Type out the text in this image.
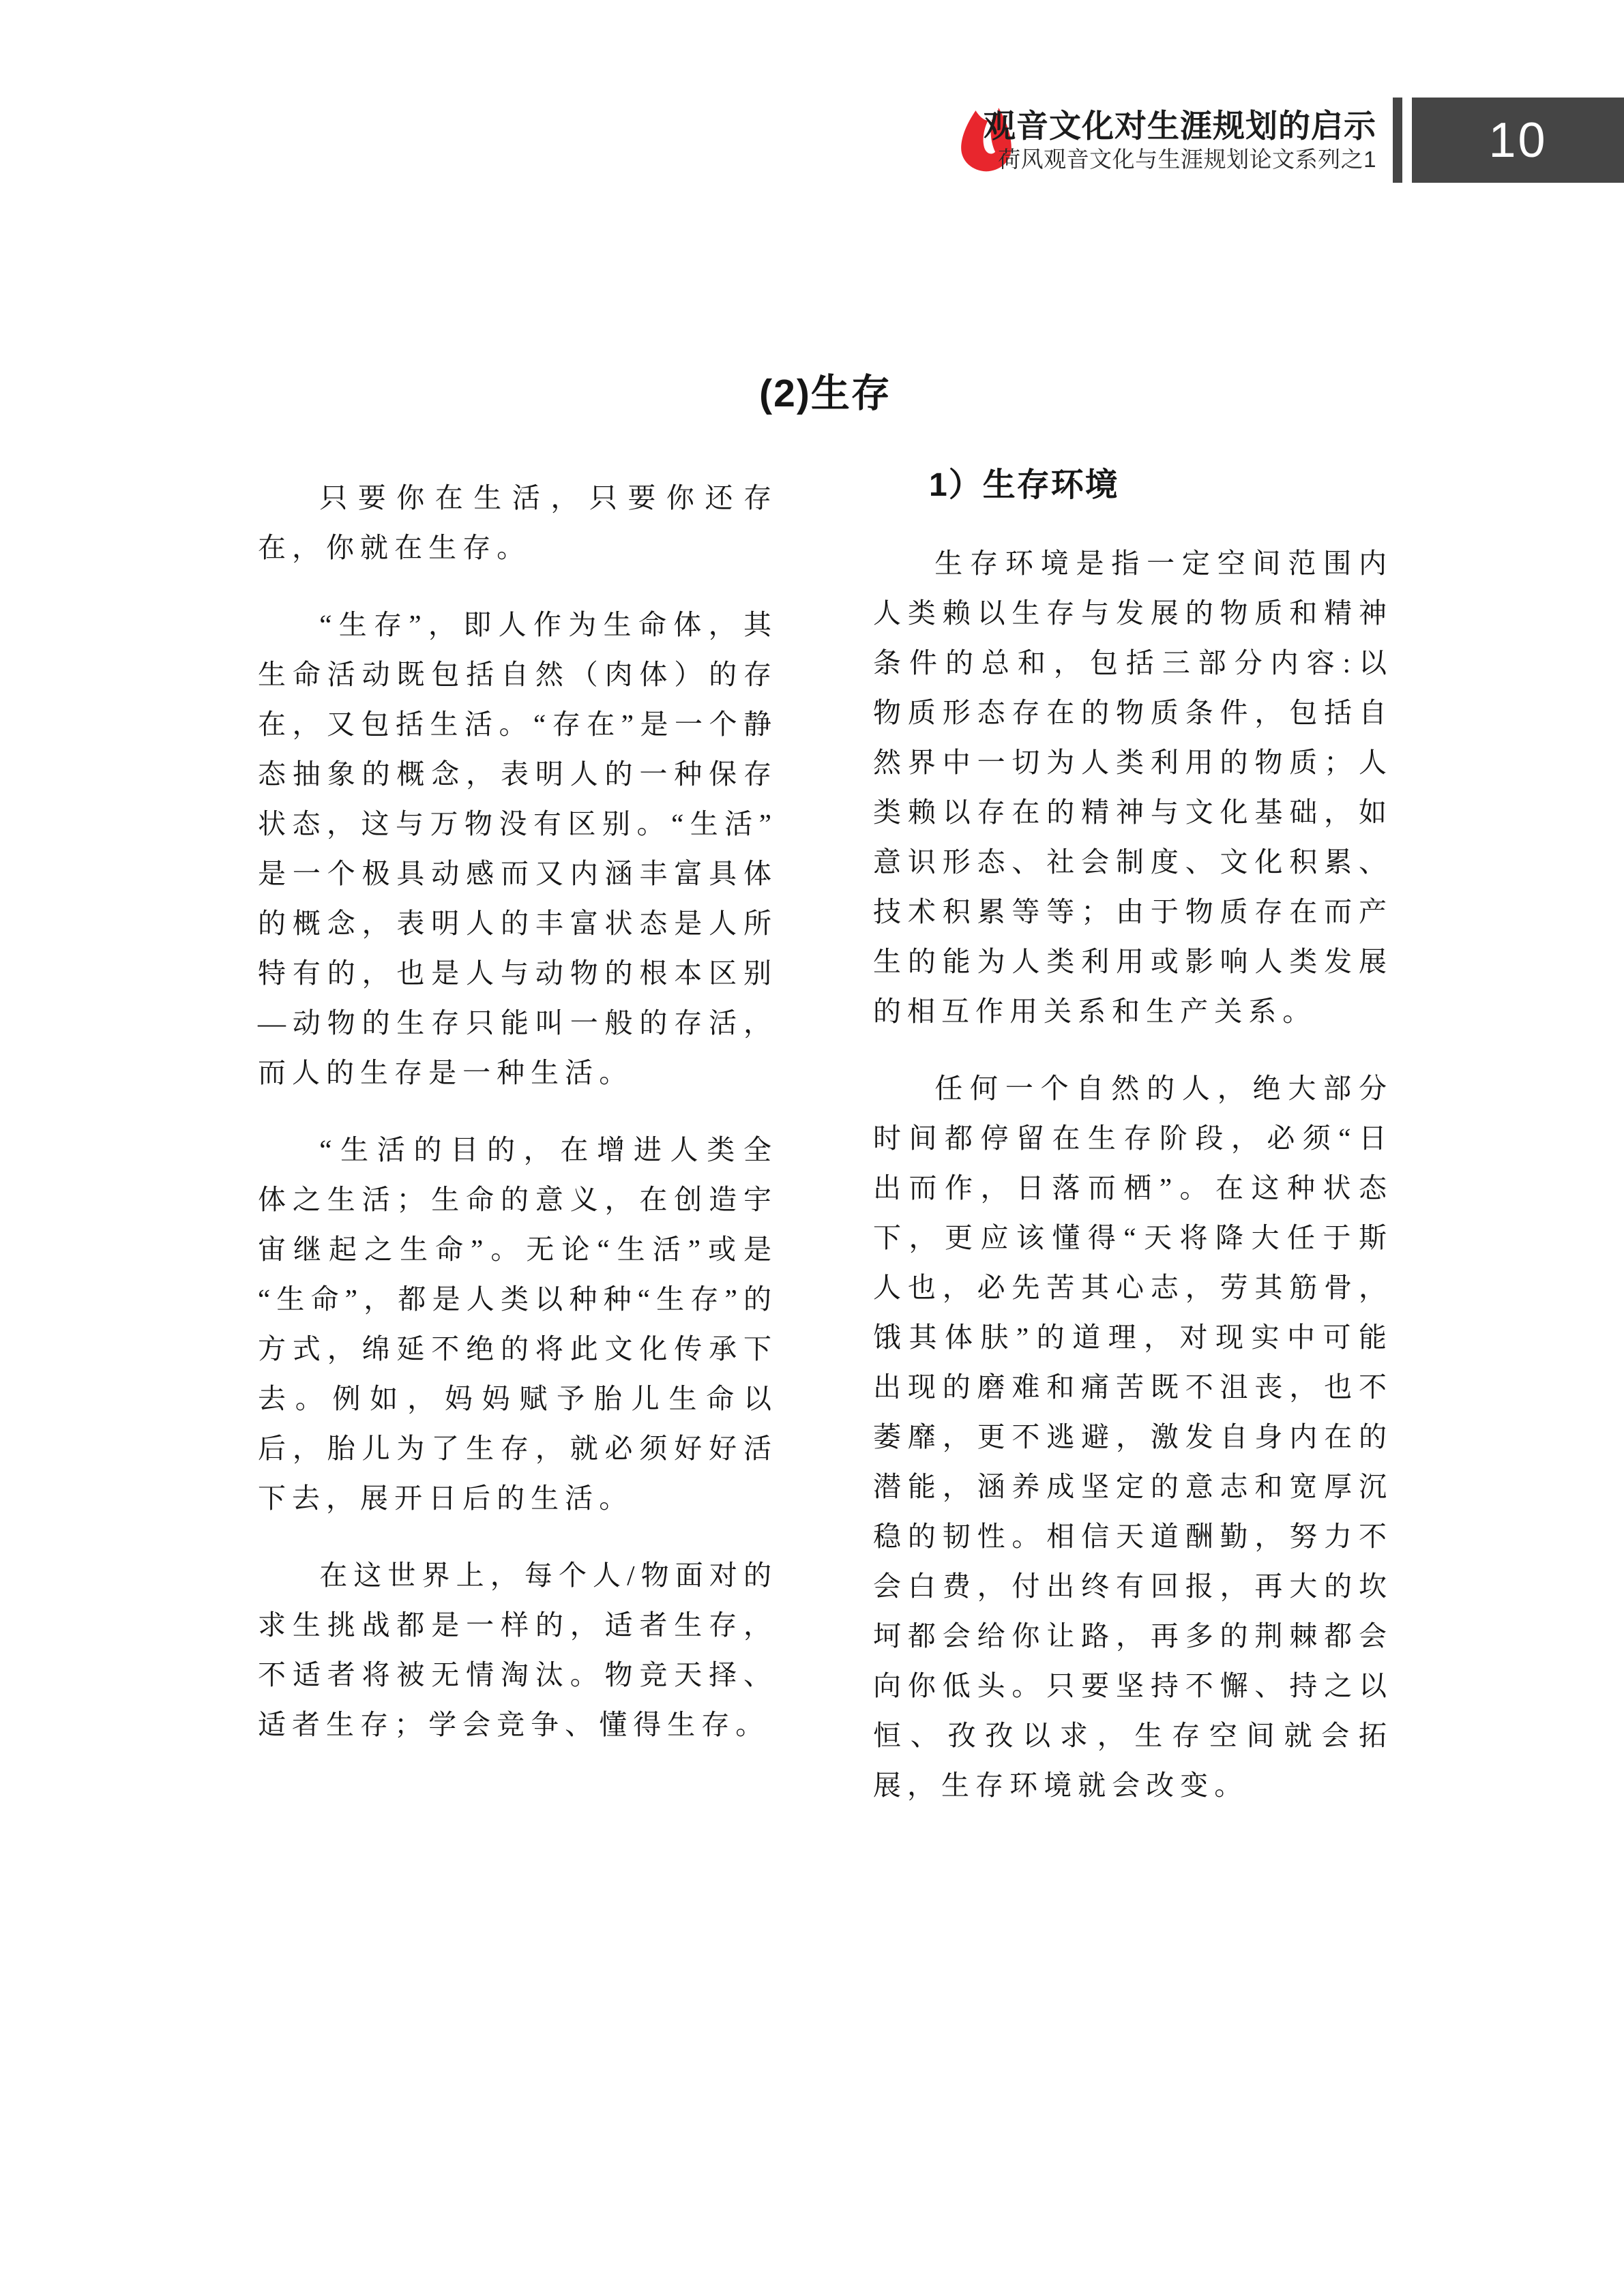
观音文化对生涯规划的启示
荷风观音文化与生涯规划论文系列之1 10
(2)生存

只要你在生活，只要你还存在，你就在生存。

“生存”，即人作为生命体，其生命活动既包括自然（肉体）的存在，又包括生活。“存在”是一个静态抽象的概念，表明人的一种保存状态，这与万物没有区别。“生活”是一个极具动感而又内涵丰富具体的概念，表明人的丰富状态是人所特有的，也是人与动物的根本区别—动物的生存只能叫一般的存活，而人的生存是一种生活。

“生活的目的，在增进人类全体之生活；生命的意义，在创造宇宙继起之生命”。无论“生活”或是“生命”，都是人类以种种“生存”的方式，绵延不绝的将此文化传承下去。例如，妈妈赋予胎儿生命以后，胎儿为了生存，就必须好好活下去，展开日后的生活。

在这世界上，每个人/物面对的求生挑战都是一样的，适者生存，不适者将被无情淘汰。物竞天择、适者生存；学会竞争、懂得生存。

1）生存环境

生存环境是指一定空间范围内人类赖以生存与发展的物质和精神条件的总和，包括三部分内容:以物质形态存在的物质条件，包括自然界中一切为人类利用的物质；人类赖以存在的精神与文化基础，如意识形态、社会制度、文化积累、技术积累等等；由于物质存在而产生的能为人类利用或影响人类发展的相互作用关系和生产关系。

任何一个自然的人，绝大部分时间都停留在生存阶段，必须“日出而作，日落而栖”。在这种状态下，更应该懂得“天将降大任于斯人也，必先苦其心志，劳其筋骨，饿其体肤”的道理，对现实中可能出现的磨难和痛苦既不沮丧，也不萎靡，更不逃避，激发自身内在的潜能，涵养成坚定的意志和宽厚沉稳的韧性。相信天道酬勤，努力不会白费，付出终有回报，再大的坎坷都会给你让路，再多的荆棘都会向你低头。只要坚持不懈、持之以恒、孜孜以求，生存空间就会拓展，生存环境就会改变。
